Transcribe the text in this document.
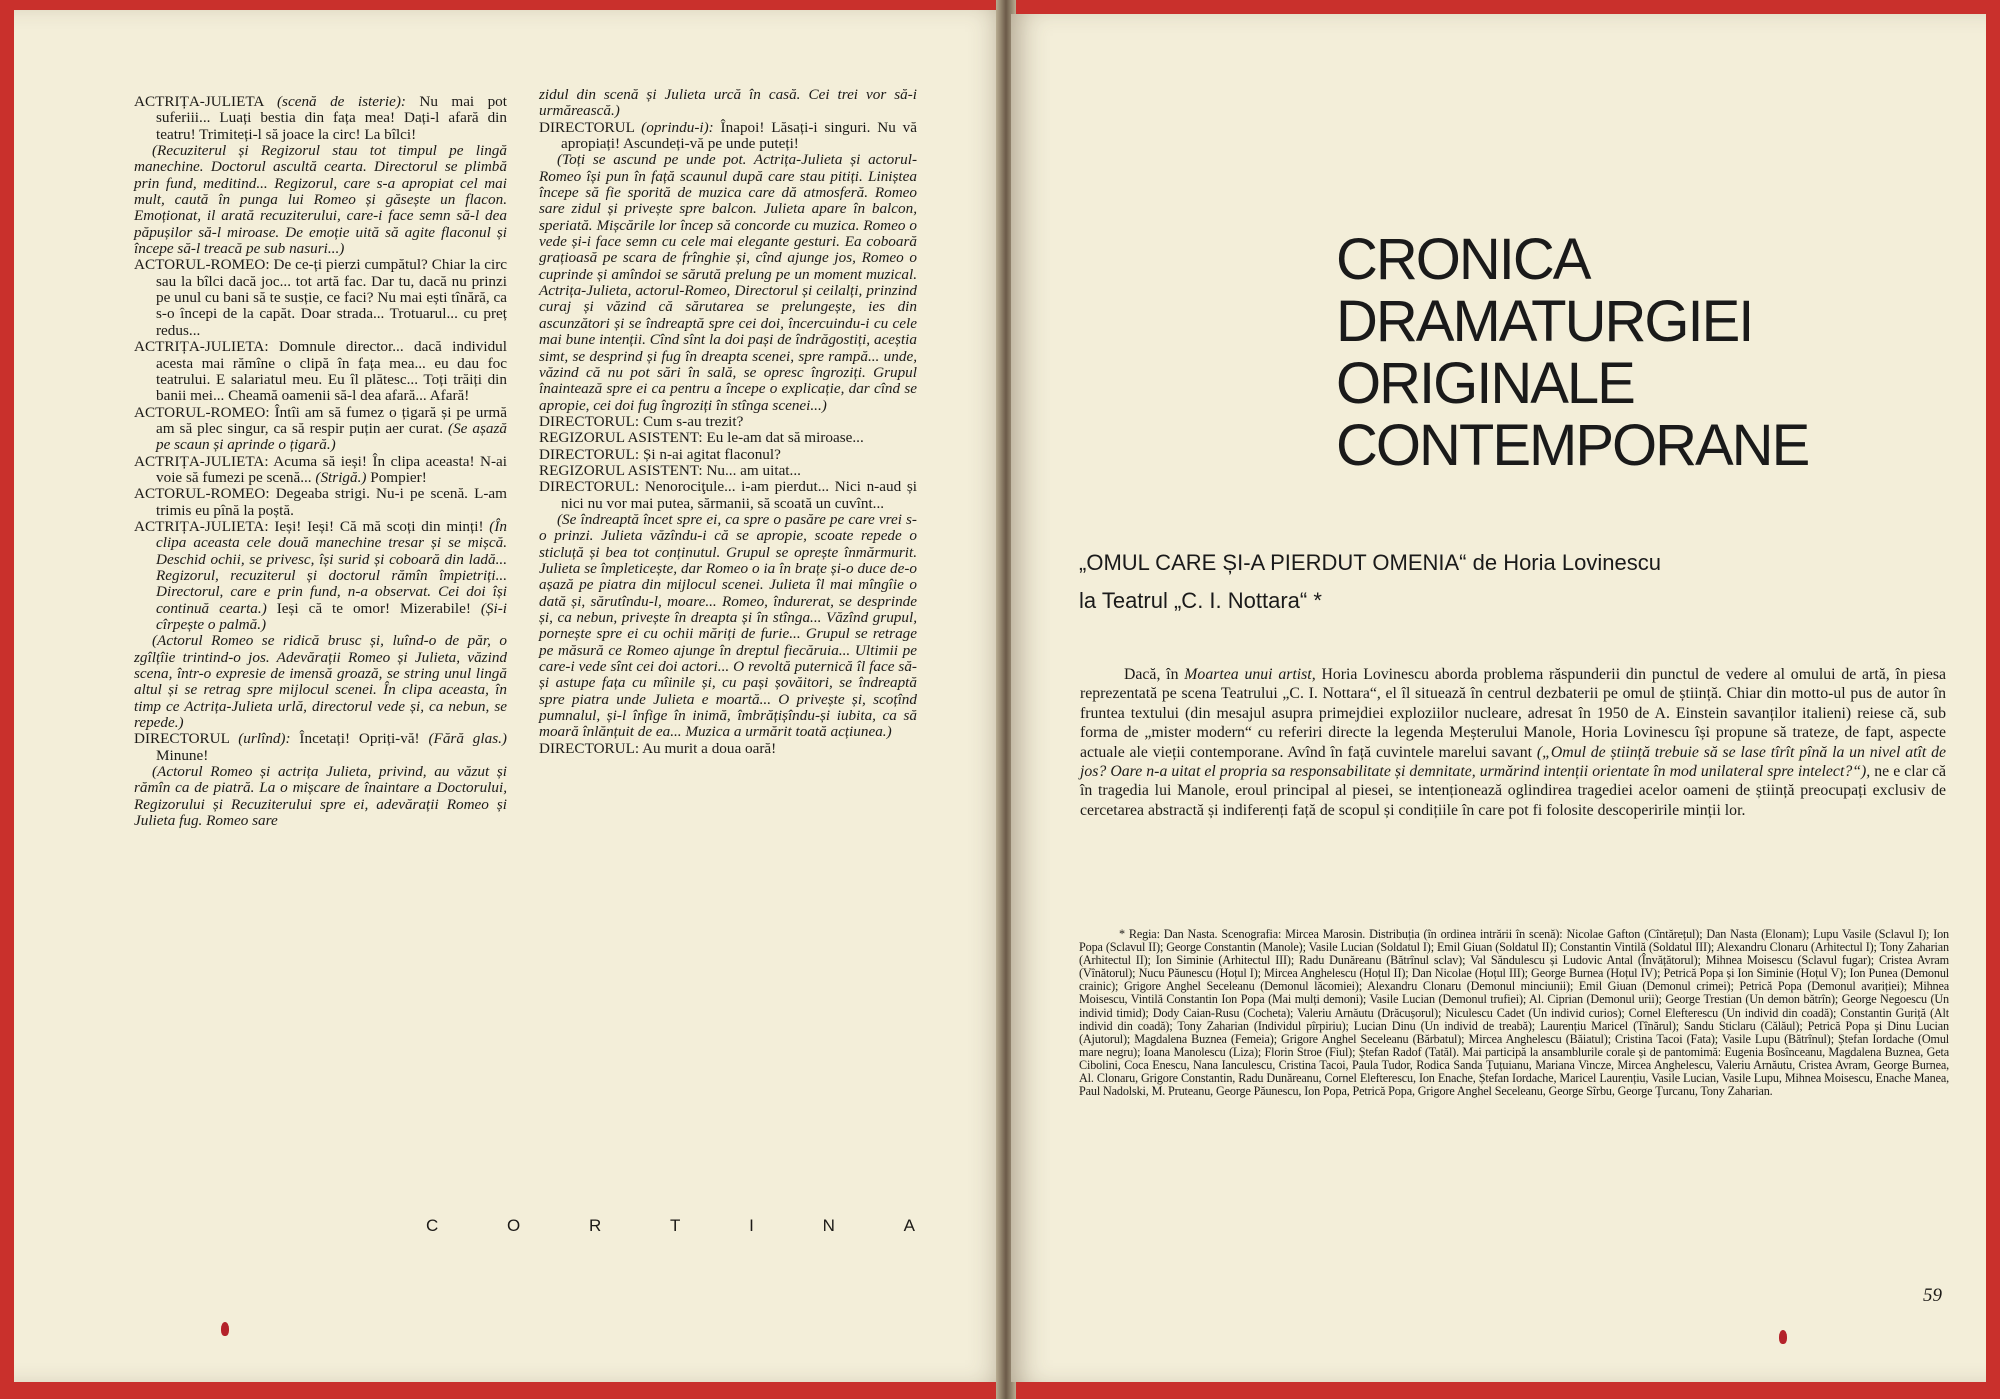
ACTRIȚA-JULIETA (scenă de isterie): Nu mai pot suferiii... Luați bestia din fața mea! Dați-l afară din teatru! Trimiteți-l să joace la circ! La bîlci!

(Recuziterul și Regizorul stau tot timpul pe lingă manechine. Doctorul ascultă cearta. Directorul se plimbă prin fund, meditind... Regizorul, care s-a apropiat cel mai mult, caută în punga lui Romeo și găsește un flacon. Emoționat, il arată recuziterului, care-i face semn să-l dea păpușilor să-l miroase. De emoție uită să agite flaconul și începe să-l treacă pe sub nasuri...)

ACTORUL-ROMEO: De ce-ți pierzi cumpătul? Chiar la circ sau la bîlci dacă joc... tot artă fac. Dar tu, dacă nu prinzi pe unul cu bani să te susție, ce faci? Nu mai ești tînără, ca s-o începi de la capăt. Doar strada... Trotuarul... cu preț redus...

ACTRIȚA-JULIETA: Domnule director... dacă individul acesta mai rămîne o clipă în fața mea... eu dau foc teatrului. E salariatul meu. Eu îl plătesc... Toți trăiți din banii mei... Cheamă oamenii să-l dea afară... Afară!

ACTORUL-ROMEO: Întîi am să fumez o țigară și pe urmă am să plec singur, ca să respir puțin aer curat. (Se așază pe scaun și aprinde o țigară.)

ACTRIȚA-JULIETA: Acuma să ieși! În clipa aceasta! N-ai voie să fumezi pe scenă... (Strigă.) Pompier!

ACTORUL-ROMEO: Degeaba strigi. Nu-i pe scenă. L-am trimis eu pînă la poștă.

ACTRIȚA-JULIETA: Ieși! Ieși! Că mă scoți din minți! (În clipa aceasta cele două manechine tresar și se mișcă. Deschid ochii, se privesc, își surid și coboară din ladă... Regizorul, recuziterul și doctorul rămîn împietriți... Directorul, care e prin fund, n-a observat. Cei doi își continuă cearta.) Ieși că te omor! Mizerabile! (Și-i cîrpește o palmă.)

(Actorul Romeo se ridică brusc și, luînd-o de păr, o zgîlțîie trintind-o jos. Adevărații Romeo și Julieta, văzind scena, într-o expresie de imensă groază, se string unul lingă altul și se retrag spre mijlocul scenei. În clipa aceasta, în timp ce Actrița-Julieta urlă, directorul vede și, ca nebun, se repede.)

DIRECTORUL (urlînd): Încetați! Opriți-vă! (Fără glas.) Minune!

(Actorul Romeo și actrița Julieta, privind, au văzut și rămîn ca de piatră. La o mișcare de înaintare a Doctorului, Regizorului și Recuziterului spre ei, adevărații Romeo și Julieta fug. Romeo sare

zidul din scenă și Julieta urcă în casă. Cei trei vor să-i urmărească.)

DIRECTORUL (oprindu-i): Înapoi! Lăsați-i singuri. Nu vă apropiați! Ascundeți-vă pe unde puteți!

(Toți se ascund pe unde pot. Actrița-Julieta și actorul-Romeo își pun în față scaunul după care stau pitiți. Liniștea începe să fie sporită de muzica care dă atmosferă. Romeo sare zidul și privește spre balcon. Julieta apare în balcon, speriată. Mișcările lor încep să concorde cu muzica. Romeo o vede și-i face semn cu cele mai elegante gesturi. Ea coboară grațioasă pe scara de frînghie și, cînd ajunge jos, Romeo o cuprinde și amîndoi se sărută prelung pe un moment muzical. Actrița-Julieta, actorul-Romeo, Directorul și ceilalți, prinzind curaj și văzind că sărutarea se prelungește, ies din ascunzători și se îndreaptă spre cei doi, încercuindu-i cu cele mai bune intenții. Cînd sînt la doi pași de îndrăgostiți, aceștia simt, se desprind și fug în dreapta scenei, spre rampă... unde, văzind că nu pot sări în sală, se opresc îngroziți. Grupul înaintează spre ei ca pentru a începe o explicație, dar cînd se apropie, cei doi fug îngroziți în stînga scenei...)

DIRECTORUL: Cum s-au trezit?

REGIZORUL ASISTENT: Eu le-am dat să miroase...

DIRECTORUL: Și n-ai agitat flaconul?

REGIZORUL ASISTENT: Nu... am uitat...

DIRECTORUL: Nenorociţule... i-am pierdut... Nici n-aud și nici nu vor mai putea, sărmanii, să scoată un cuvînt...

(Se îndreaptă încet spre ei, ca spre o pasăre pe care vrei s-o prinzi. Julieta văzîndu-i că se apropie, scoate repede o sticluță și bea tot conținutul. Grupul se oprește înmărmurit. Julieta se împleticește, dar Romeo o ia în brațe și-o duce de-o așază pe piatra din mijlocul scenei. Julieta îl mai mîngîie o dată și, sărutîndu-l, moare... Romeo, îndurerat, se desprinde și, ca nebun, privește în dreapta și în stînga... Văzînd grupul, pornește spre ei cu ochii măriți de furie... Grupul se retrage pe măsură ce Romeo ajunge în dreptul fiecăruia... Ultimii pe care-i vede sînt cei doi actori... O revoltă puternică îl face să-și astupe fața cu mîinile și, cu pași șovăitori, se îndreaptă spre piatra unde Julieta e moartă... O privește și, scoțînd pumnalul, și-l înfige în inimă, îmbrățișîndu-și iubita, ca să moară înlănțuit de ea... Muzica a urmărit toată acțiunea.)

DIRECTORUL: Au murit a doua oară!

C	O	R	T	I	N	A
CRONICA
DRAMATURGIEI
ORIGINALE
CONTEMPORANE
„OMUL CARE ȘI-A PIERDUT OMENIA“ de Horia Lovinescu
la Teatrul „C. I. Nottara“ *

Dacă, în Moartea unui artist, Horia Lovinescu aborda problema răspunderii din punctul de vedere al omului de artă, în piesa reprezentată pe scena Teatrului „C. I. Nottara“, el îl situează în centrul dezbaterii pe omul de știință. Chiar din motto-ul pus de autor în fruntea textului (din mesajul asupra primejdiei exploziilor nucleare, adresat în 1950 de A. Einstein savanților italieni) reiese că, sub forma de „mister modern“ cu referiri directe la legenda Meșterului Manole, Horia Lovinescu își propune să trateze, de fapt, aspecte actuale ale vieții contemporane. Avînd în față cuvintele marelui savant („Omul de știință trebuie să se lase tîrît pînă la un nivel atît de jos? Oare n-a uitat el propria sa responsabilitate și demnitate, urmărind intenții orientate în mod unilateral spre intelect?“), ne e clar că în tragedia lui Manole, eroul principal al piesei, se intenționează oglindirea tragediei acelor oameni de știință preocupați exclusiv de cercetarea abstractă și indiferenți față de scopul și condițiile în care pot fi folosite descoperirile minții lor.

* Regia: Dan Nasta. Scenografia: Mircea Marosin. Distribuția (în ordinea intrării în scenă): Nicolae Gafton (Cîntărețul); Dan Nasta (Elonam); Lupu Vasile (Sclavul I); Ion Popa (Sclavul II); George Constantin (Manole); Vasile Lucian (Soldatul I); Emil Giuan (Soldatul II); Constantin Vintilă (Soldatul III); Alexandru Clonaru (Arhitectul I); Tony Zaharian (Arhitectul II); Ion Siminie (Arhitectul III); Radu Dunăreanu (Bătrînul sclav); Val Săndulescu și Ludovic Antal (Învățătorul); Mihnea Moisescu (Sclavul fugar); Cristea Avram (Vînătorul); Nucu Păunescu (Hoțul I); Mircea Anghelescu (Hoțul II); Dan Nicolae (Hoțul III); George Burnea (Hoțul IV); Petrică Popa și Ion Siminie (Hoțul V); Ion Punea (Demonul crainic); Grigore Anghel Seceleanu (Demonul lăcomiei); Alexandru Clonaru (Demonul minciunii); Emil Giuan (Demonul crimei); Petrică Popa (Demonul avariției); Mihnea Moisescu, Vintilă Constantin Ion Popa (Mai mulți demoni); Vasile Lucian (Demonul trufiei); Al. Ciprian (Demonul urii); George Trestian (Un demon bătrîn); George Negoescu (Un individ timid); Dody Caian-Rusu (Cocheta); Valeriu Arnăutu (Drăcușorul); Niculescu Cadet (Un individ curios); Cornel Elefterescu (Un individ din coadă); Constantin Guriță (Alt individ din coadă); Tony Zaharian (Individul pîrpiriu); Lucian Dinu (Un individ de treabă); Laurențiu Maricel (Tînărul); Sandu Sticlaru (Călăul); Petrică Popa și Dinu Lucian (Ajutorul); Magdalena Buznea (Femeia); Grigore Anghel Seceleanu (Bărbatul); Mircea Anghelescu (Băiatul); Cristina Tacoi (Fata); Vasile Lupu (Bătrînul); Ștefan Iordache (Omul mare negru); Ioana Manolescu (Liza); Florin Stroe (Fiul); Ștefan Radof (Tatăl). Mai participă la ansamblurile corale și de pantomimă: Eugenia Bosînceanu, Magdalena Buznea, Geta Cibolini, Coca Enescu, Nana Ianculescu, Cristina Tacoi, Paula Tudor, Rodica Sanda Țuțuianu, Mariana Vincze, Mircea Anghelescu, Valeriu Arnăutu, Cristea Avram, George Burnea, Al. Clonaru, Grigore Constantin, Radu Dunăreanu, Cornel Elefterescu, Ion Enache, Ștefan Iordache, Maricel Laurențiu, Vasile Lucian, Vasile Lupu, Mihnea Moisescu, Enache Manea, Paul Nadolski, M. Pruteanu, George Păunescu, Ion Popa, Petrică Popa, Grigore Anghel Seceleanu, George Sîrbu, George Țurcanu, Tony Zaharian.

59
